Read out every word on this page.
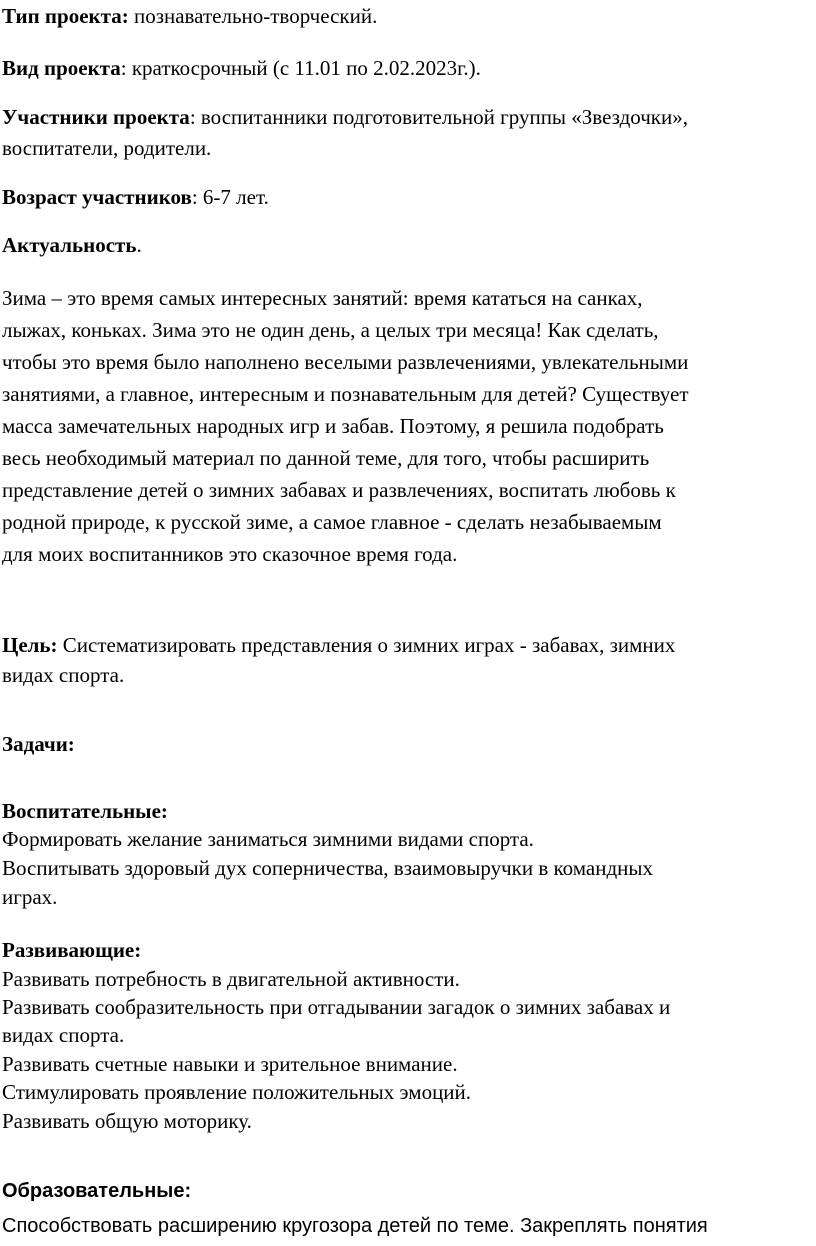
Тип проекта: познавательно-творческий.
Вид проекта: краткосрочный (с 11.01 по 2.02.2023г.).
Участники проекта: воспитанники подготовительной группы «Звездочки»,
воспитатели, родители.
Возраст участников: 6-7 лет.
Актуальность.
Зима – это время самых интересных занятий: время кататься на санках,
лыжах, коньках. Зима это не один день, а целых три месяца! Как сделать,
чтобы это время было наполнено веселыми развлечениями, увлекательными
занятиями, а главное, интересным и познавательным для детей? Существует
масса замечательных народных игр и забав. Поэтому, я решила подобрать
весь необходимый материал по данной теме, для того, чтобы расширить
представление детей о зимних забавах и развлечениях, воспитать любовь к
родной природе, к русской зиме, а самое главное - сделать незабываемым
для моих воспитанников это сказочное время года.
Цель: Систематизировать представления о зимних играх - забавах, зимних
видах спорта.
Задачи:
Воспитательные:
Формировать желание заниматься зимними видами спорта.
Воспитывать здоровый дух соперничества, взаимовыручки в командных
играх.
Развивающие:
Развивать потребность в двигательной активности.
Развивать сообразительность при отгадывании загадок о зимних забавах и
видах спорта.
Развивать счетные навыки и зрительное внимание.
Стимулировать проявление положительных эмоций.
Развивать общую моторику.
Образовательные:
Способствовать расширению кругозора детей по теме. Закреплять понятия
